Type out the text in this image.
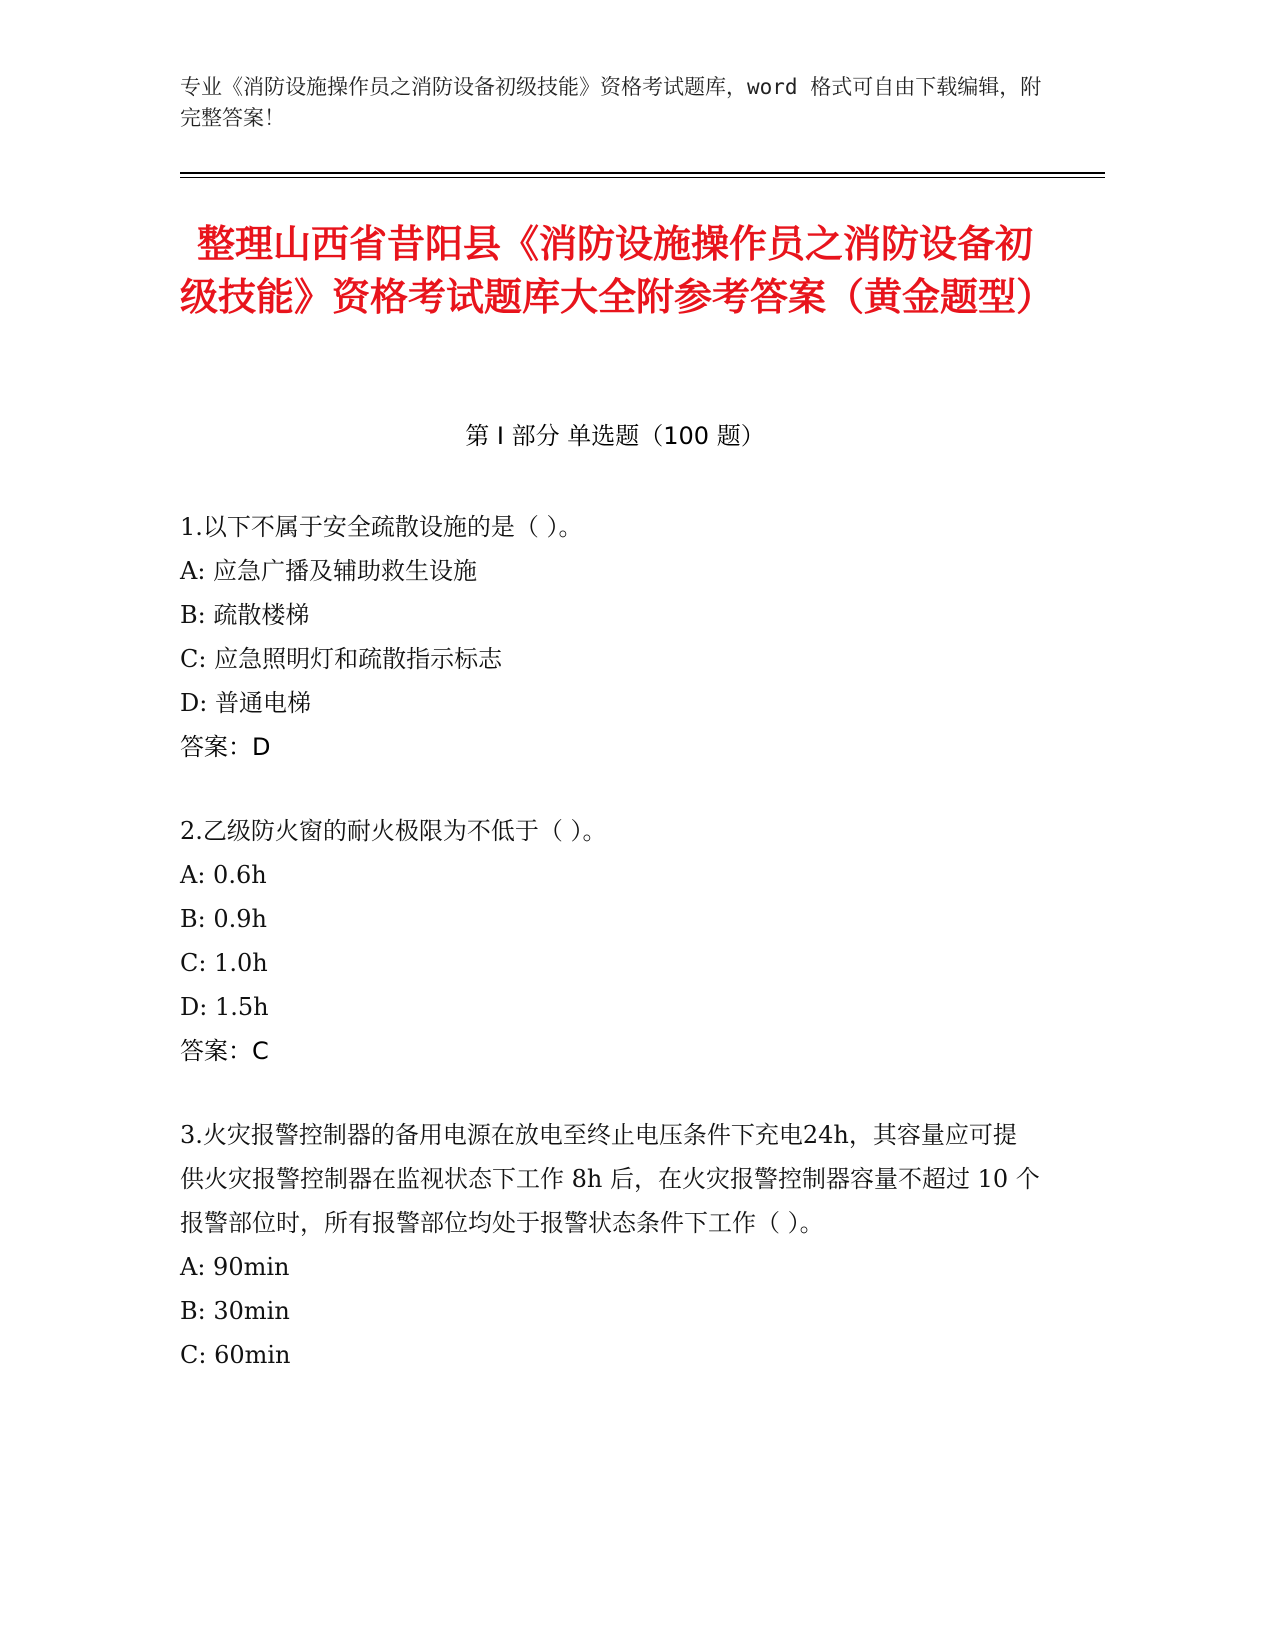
专业《消防设施操作员之消防设备初级技能》资格考试题库，word 格式可自由下载编辑，附完整答案！
整理山西省昔阳县《消防设施操作员之消防设备初级技能》资格考试题库大全附参考答案（黄金题型）
第 I 部分 单选题（100 题）

1.以下不属于安全疏散设施的是（ ）。

A: 应急广播及辅助救生设施

B: 疏散楼梯

C: 应急照明灯和疏散指示标志

D: 普通电梯

答案：D

2.乙级防火窗的耐火极限为不低于（ ）。

A: 0.6h

B: 0.9h

C: 1.0h

D: 1.5h

答案：C

3.火灾报警控制器的备用电源在放电至终止电压条件下充电24h，其容量应可提供火灾报警控制器在监视状态下工作 8h 后，在火灾报警控制器容量不超过 10 个报警部位时，所有报警部位均处于报警状态条件下工作（ ）。

A: 90min

B: 30min

C: 60min
